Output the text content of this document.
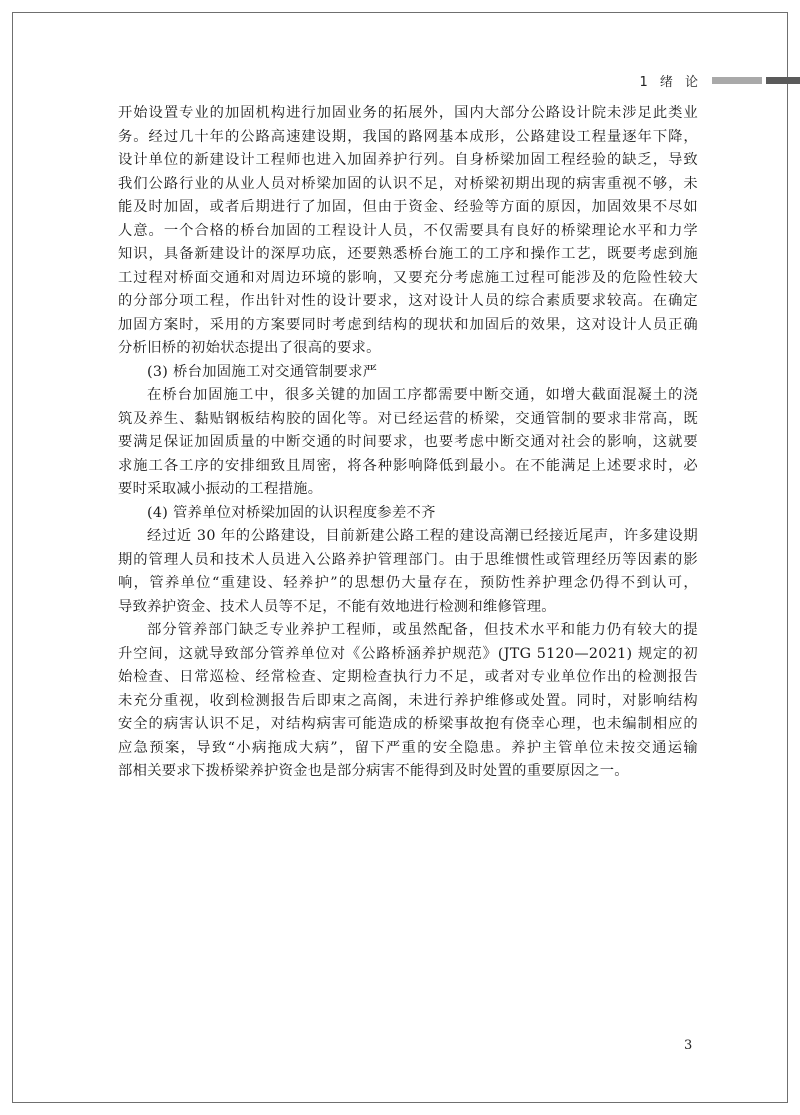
1 绪 论

开始设置专业的加固机构进行加固业务的拓展外，国内大部分公路设计院未涉足此类业

务。经过几十年的公路高速建设期，我国的路网基本成形，公路建设工程量逐年下降，

设计单位的新建设计工程师也进入加固养护行列。自身桥梁加固工程经验的缺乏，导致

我们公路行业的从业人员对桥梁加固的认识不足，对桥梁初期出现的病害重视不够，未

能及时加固，或者后期进行了加固，但由于资金、经验等方面的原因，加固效果不尽如

人意。一个合格的桥台加固的工程设计人员，不仅需要具有良好的桥梁理论水平和力学

知识，具备新建设计的深厚功底，还要熟悉桥台施工的工序和操作工艺，既要考虑到施

工过程对桥面交通和对周边环境的影响，又要充分考虑施工过程可能涉及的危险性较大

的分部分项工程，作出针对性的设计要求，这对设计人员的综合素质要求较高。在确定

加固方案时，采用的方案要同时考虑到结构的现状和加固后的效果，这对设计人员正确

分析旧桥的初始状态提出了很高的要求。

(3) 桥台加固施工对交通管制要求严

在桥台加固施工中，很多关键的加固工序都需要中断交通，如增大截面混凝土的浇

筑及养生、黏贴钢板结构胶的固化等。对已经运营的桥梁，交通管制的要求非常高，既

要满足保证加固质量的中断交通的时间要求，也要考虑中断交通对社会的影响，这就要

求施工各工序的安排细致且周密，将各种影响降低到最小。在不能满足上述要求时，必

要时采取减小振动的工程措施。

(4) 管养单位对桥梁加固的认识程度参差不齐

经过近 30 年的公路建设，目前新建公路工程的建设高潮已经接近尾声，许多建设期

期的管理人员和技术人员进入公路养护管理部门。由于思维惯性或管理经历等因素的影

响，管养单位“重建设、轻养护”的思想仍大量存在，预防性养护理念仍得不到认可，

导致养护资金、技术人员等不足，不能有效地进行检测和维修管理。

部分管养部门缺乏专业养护工程师，或虽然配备，但技术水平和能力仍有较大的提

升空间，这就导致部分管养单位对《公路桥涵养护规范》(JTG 5120—2021) 规定的初

始检查、日常巡检、经常检查、定期检查执行力不足，或者对专业单位作出的检测报告

未充分重视，收到检测报告后即束之高阁，未进行养护维修或处置。同时，对影响结构

安全的病害认识不足，对结构病害可能造成的桥梁事故抱有侥幸心理，也未编制相应的

应急预案，导致“小病拖成大病”，留下严重的安全隐患。养护主管单位未按交通运输

部相关要求下拨桥梁养护资金也是部分病害不能得到及时处置的重要原因之一。

3
